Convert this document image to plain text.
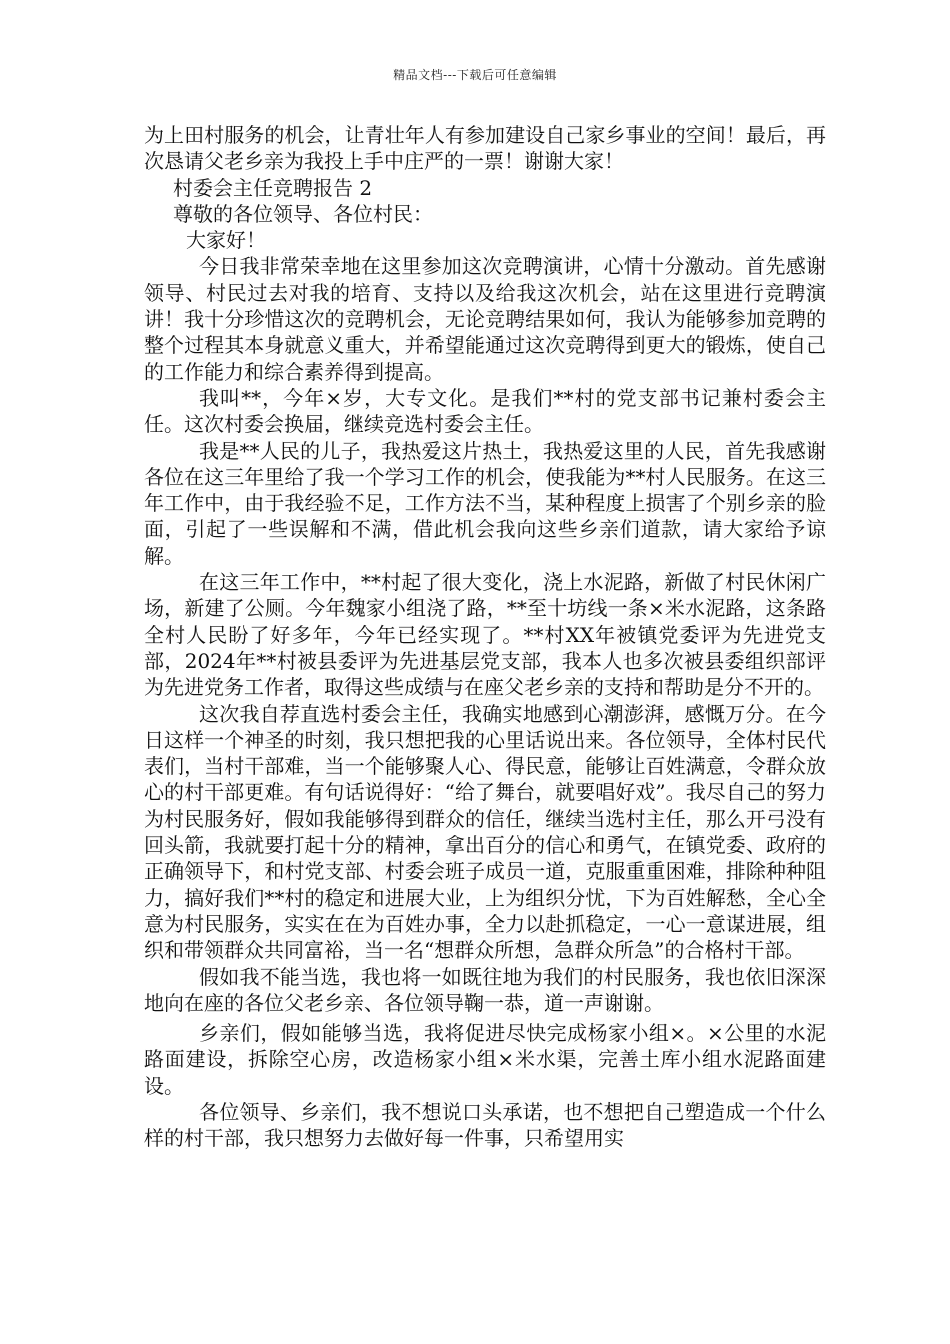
精品文档---下载后可任意编辑

为上田村服务的机会，让青壮年人有参加建设自己家乡事业的空间！最后，再次恳请父老乡亲为我投上手中庄严的一票！谢谢大家！

村委会主任竞聘报告 2

尊敬的各位领导、各位村民：

大家好！

今日我非常荣幸地在这里参加这次竞聘演讲，心情十分激动。首先感谢领导、村民过去对我的培育、支持以及给我这次机会，站在这里进行竞聘演讲！我十分珍惜这次的竞聘机会，无论竞聘结果如何，我认为能够参加竞聘的整个过程其本身就意义重大，并希望能通过这次竞聘得到更大的锻炼，使自己的工作能力和综合素养得到提高。

我叫**，今年×岁，大专文化。是我们**村的党支部书记兼村委会主任。这次村委会换届，继续竞选村委会主任。

我是**人民的儿子，我热爱这片热土，我热爱这里的人民，首先我感谢各位在这三年里给了我一个学习工作的机会，使我能为**村人民服务。在这三年工作中，由于我经验不足，工作方法不当，某种程度上损害了个别乡亲的脸面，引起了一些误解和不满，借此机会我向这些乡亲们道款，请大家给予谅解。

在这三年工作中，**村起了很大变化，浇上水泥路，新做了村民休闲广场，新建了公厕。今年魏家小组浇了路，**至十坊线一条×米水泥路，这条路全村人民盼了好多年，今年已经实现了。**村XX年被镇党委评为先进党支部，2024年**村被县委评为先进基层党支部，我本人也多次被县委组织部评为先进党务工作者，取得这些成绩与在座父老乡亲的支持和帮助是分不开的。

这次我自荐直选村委会主任，我确实地感到心潮澎湃，感慨万分。在今日这样一个神圣的时刻，我只想把我的心里话说出来。各位领导，全体村民代表们，当村干部难，当一个能够聚人心、得民意，能够让百姓满意，令群众放心的村干部更难。有句话说得好：“给了舞台，就要唱好戏”。我尽自己的努力为村民服务好，假如我能够得到群众的信任，继续当选村主任，那么开弓没有回头箭，我就要打起十分的精神，拿出百分的信心和勇气，在镇党委、政府的正确领导下，和村党支部、村委会班子成员一道，克服重重困难，排除种种阻力，搞好我们**村的稳定和进展大业，上为组织分忧，下为百姓解愁，全心全意为村民服务，实实在在为百姓办事，全力以赴抓稳定，一心一意谋进展，组织和带领群众共同富裕，当一名“想群众所想，急群众所急”的合格村干部。

假如我不能当选，我也将一如既往地为我们的村民服务，我也依旧深深地向在座的各位父老乡亲、各位领导鞠一恭，道一声谢谢。

乡亲们，假如能够当选，我将促进尽快完成杨家小组×。×公里的水泥路面建设，拆除空心房，改造杨家小组×米水渠，完善土库小组水泥路面建设。

各位领导、乡亲们，我不想说口头承诺，也不想把自己塑造成一个什么样的村干部，我只想努力去做好每一件事，只希望用实
